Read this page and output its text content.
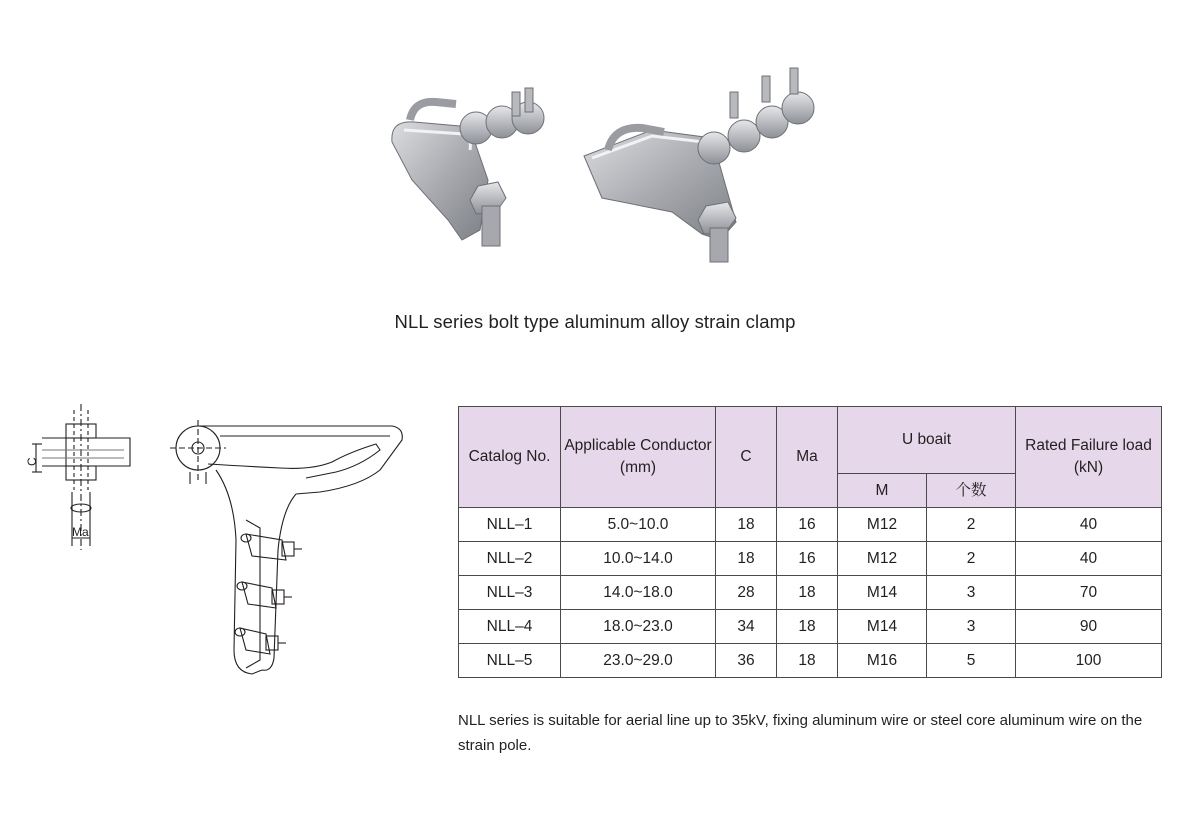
NLL series bolt type aluminum alloy strain clamp
C
Ma
Catalog No.	Applicable Conductor (mm)	C	Ma	U boait		Rated Failure load (kN)
				M	个数	
NLL–1	5.0~10.0	18	16	M12	2	40
NLL–2	10.0~14.0	18	16	M12	2	40
NLL–3	14.0~18.0	28	18	M14	3	70
NLL–4	18.0~23.0	34	18	M14	3	90
NLL–5	23.0~29.0	36	18	M16	5	100
NLL series is suitable for aerial line up to 35kV, fixing aluminum wire or steel core aluminum wire on the strain pole.
